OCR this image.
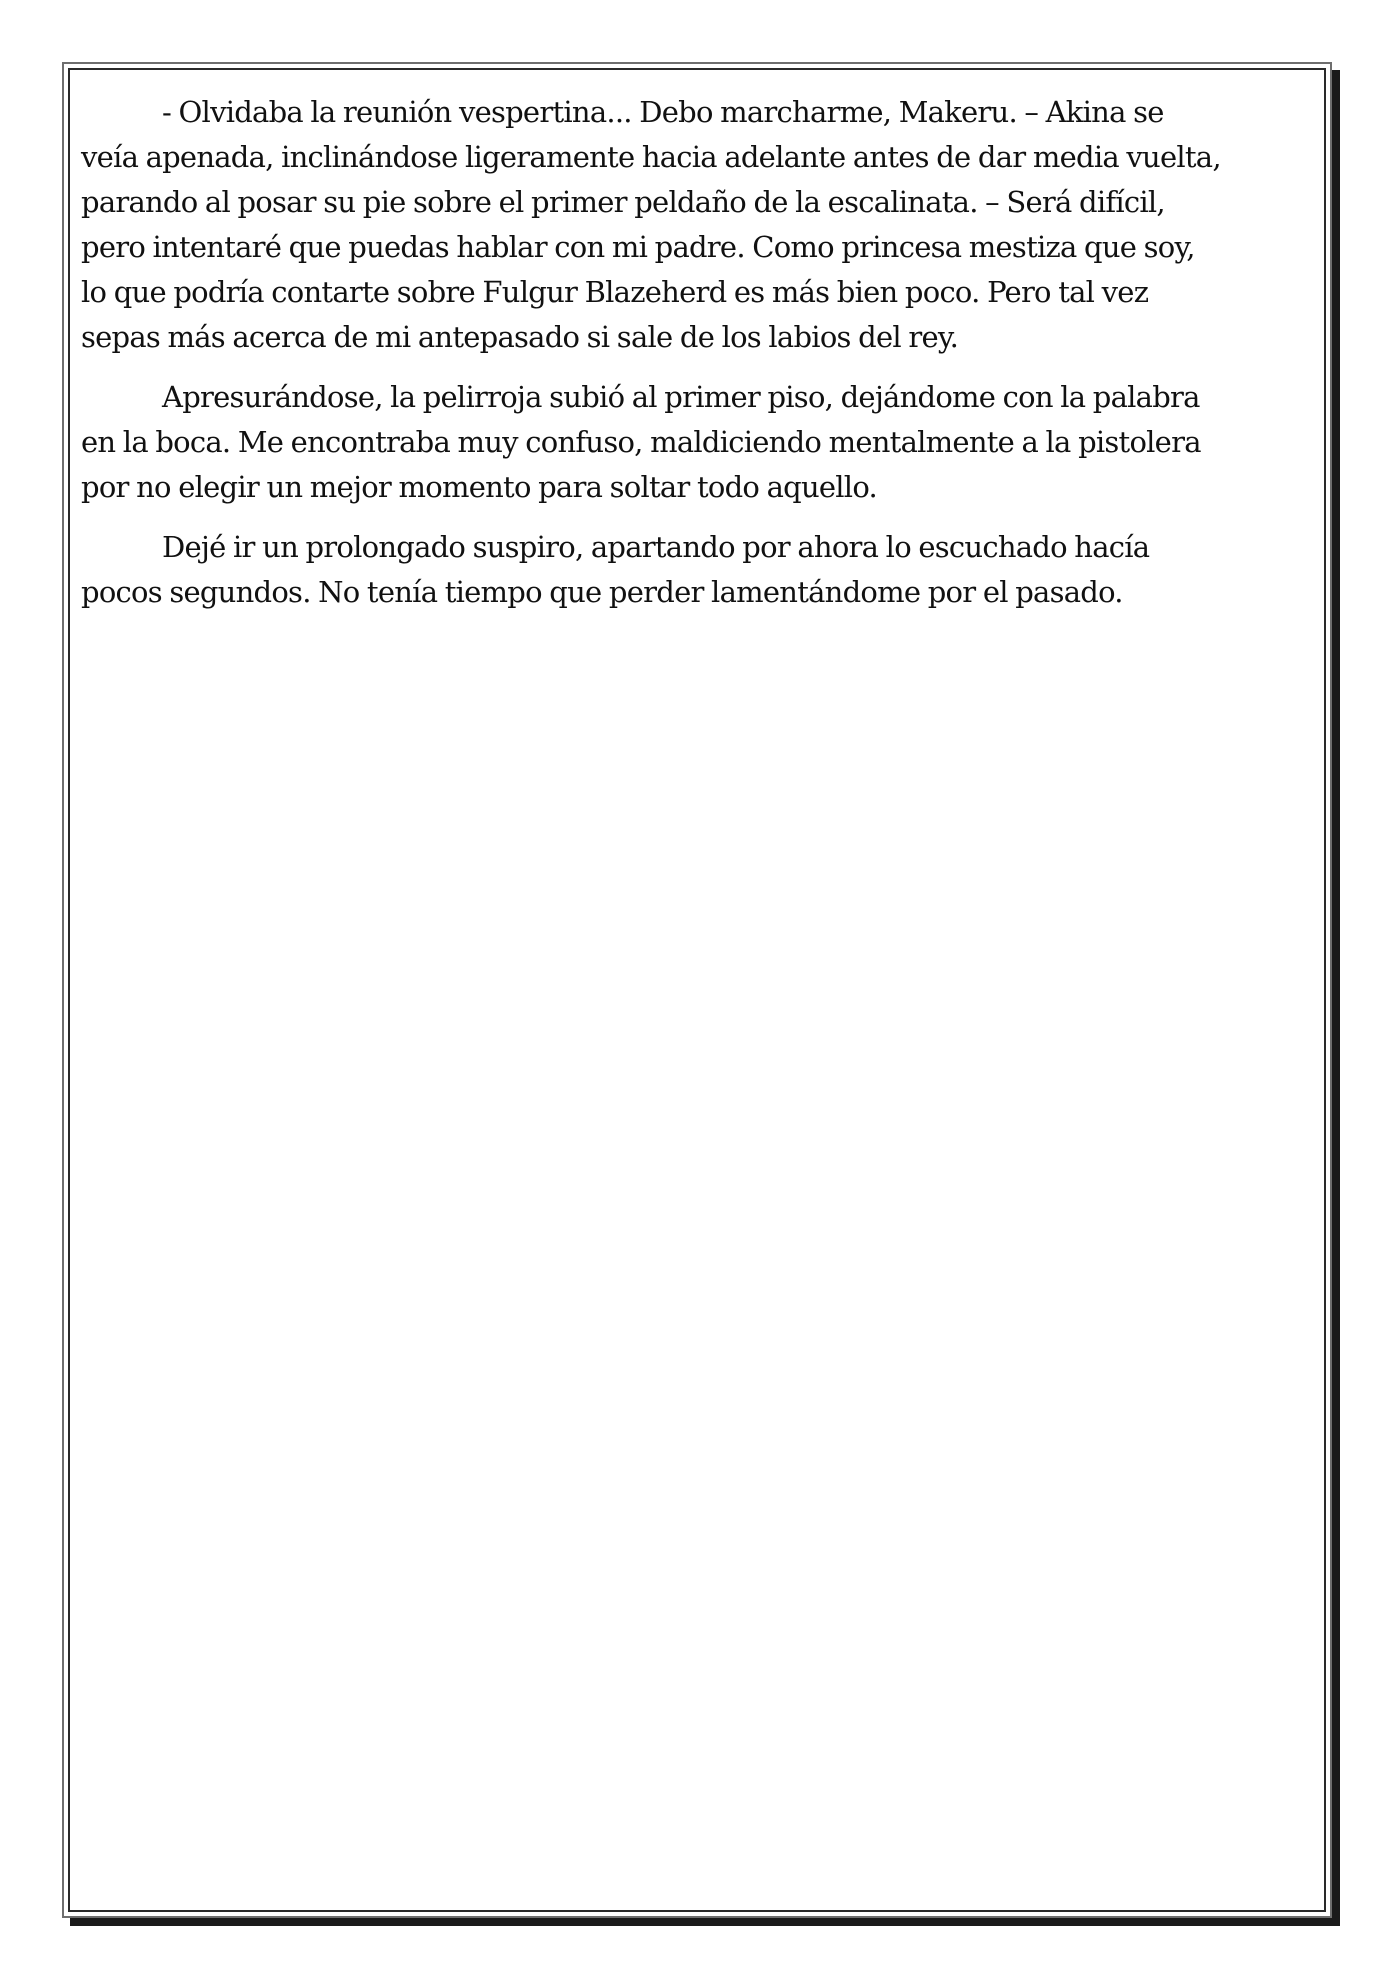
- Olvidaba la reunión vespertina... Debo marcharme, Makeru. – Akina se
veía apenada, inclinándose ligeramente hacia adelante antes de dar media vuelta,
parando al posar su pie sobre el primer peldaño de la escalinata. – Será difícil,
pero intentaré que puedas hablar con mi padre. Como princesa mestiza que soy,
lo que podría contarte sobre Fulgur Blazeherd es más bien poco. Pero tal vez
sepas más acerca de mi antepasado si sale de los labios del rey.

Apresurándose, la pelirroja subió al primer piso, dejándome con la palabra
en la boca. Me encontraba muy confuso, maldiciendo mentalmente a la pistolera
por no elegir un mejor momento para soltar todo aquello.

Dejé ir un prolongado suspiro, apartando por ahora lo escuchado hacía
pocos segundos. No tenía tiempo que perder lamentándome por el pasado.
